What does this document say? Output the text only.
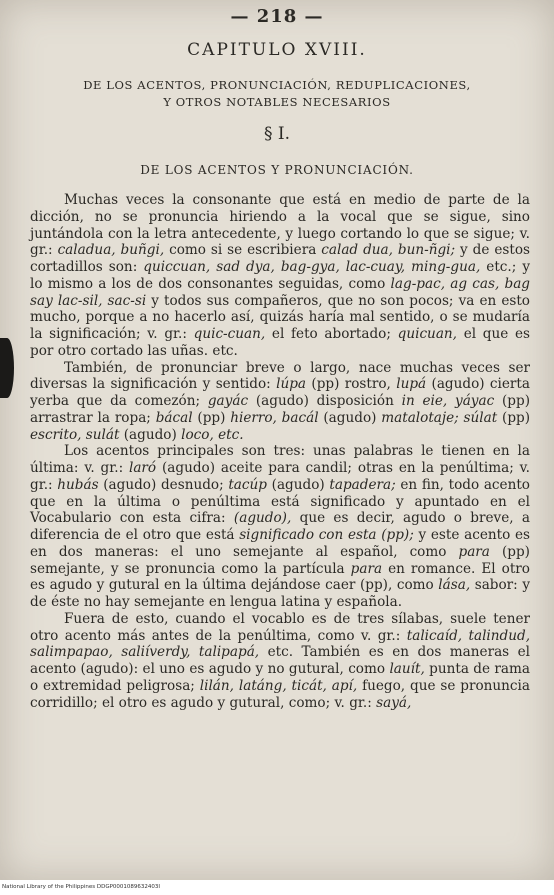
— 218 —
CAPITULO XVIII.
DE LOS ACENTOS, PRONUNCIACIÓN, REDUPLICACIONES,
Y OTROS NOTABLES NECESARIOS
§ I.
DE LOS ACENTOS Y PRONUNCIACIÓN.

Muchas veces la consonante que está en medio de parte de la dicción, no se pronuncia hiriendo a la vocal que se sigue, sino juntándola con la letra antecedente, y luego cortando lo que se sigue; v. gr.: caladua, buñgi, como si se escribiera calad dua, bun-ñgi; y de estos cortadillos son: quiccuan, sad dya, bag-gya, lac-cuay, ming-gua, etc.; y lo mismo a los de dos consonantes seguidas, como lag-pac, ag cas, bag say lac-sil, sac-si y todos sus compañeros, que no son pocos; va en esto mucho, porque a no hacerlo así, quizás haría mal sentido, o se mudaría la significación; v. gr.: quic-cuan, el feto abortado; quicuan, el que es por otro cortado las uñas. etc.

También, de pronunciar breve o largo, nace muchas veces ser diversas la significación y sentido: lúpa (pp) rostro, lupá (agudo) cierta yerba que da comezón; gayác (agudo) disposición in eie, yáyac (pp) arrastrar la ropa; bácal (pp) hierro, bacál (agudo) matalotaje; súlat (pp) escrito, sulát (agudo) loco, etc.

Los acentos principales son tres: unas palabras le tienen en la última: v. gr.: laró (agudo) aceite para candil; otras en la penúltima; v. gr.: hubás (agudo) desnudo; tacúp (agudo) tapadera; en fin, todo acento que en la última o penúltima está significado y apuntado en el Vocabulario con esta cifra: (agudo), que es decir, agudo o breve, a diferencia de el otro que está significado con esta (pp); y este acento es en dos maneras: el uno semejante al español, como para (pp) semejante, y se pronuncia como la partícula para en romance. El otro es agudo y gutural en la última dejándose caer (pp), como lása, sabor: y de éste no hay semejante en lengua latina y española.

Fuera de esto, cuando el vocablo es de tres sílabas, suele tener otro acento más antes de la penúltima, como v. gr.: talicaíd, talindud, salimpapao, saliíverdy, talipapá, etc. También es en dos maneras el acento (agudo): el uno es agudo y no gutural, como lauít, punta de rama o extremidad peligrosa; lilán, latáng, ticát, apí, fuego, que se pronuncia corridillo; el otro es agudo y gutural, como; v. gr.: sayá,

National Library of the Philippines DDGP0001089632403I
